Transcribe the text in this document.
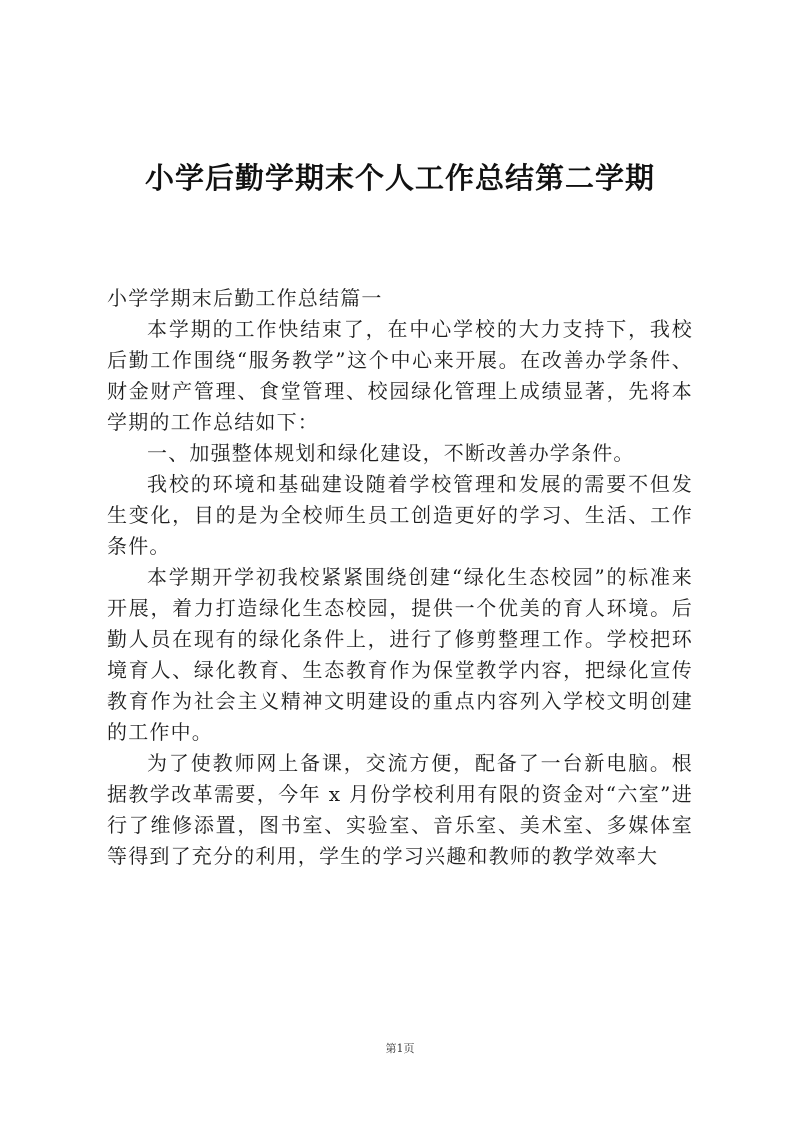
小学后勤学期末个人工作总结第二学期

小学学期末后勤工作总结篇一

本学期的工作快结束了，在中心学校的大力支持下，我校后勤工作围绕“服务教学”这个中心来开展。在改善办学条件、财金财产管理、食堂管理、校园绿化管理上成绩显著，先将本学期的工作总结如下：

一、加强整体规划和绿化建设，不断改善办学条件。

我校的环境和基础建设随着学校管理和发展的需要不但发生变化，目的是为全校师生员工创造更好的学习、生活、工作条件。

本学期开学初我校紧紧围绕创建“绿化生态校园”的标准来开展，着力打造绿化生态校园，提供一个优美的育人环境。后勤人员在现有的绿化条件上，进行了修剪整理工作。学校把环境育人、绿化教育、生态教育作为保堂教学内容，把绿化宣传教育作为社会主义精神文明建设的重点内容列入学校文明创建的工作中。

为了使教师网上备课，交流方便，配备了一台新电脑。根据教学改革需要，今年 x 月份学校利用有限的资金对“六室”进行了维修添置，图书室、实验室、音乐室、美术室、多媒体室等得到了充分的利用，学生的学习兴趣和教师的教学效率大

第1页
